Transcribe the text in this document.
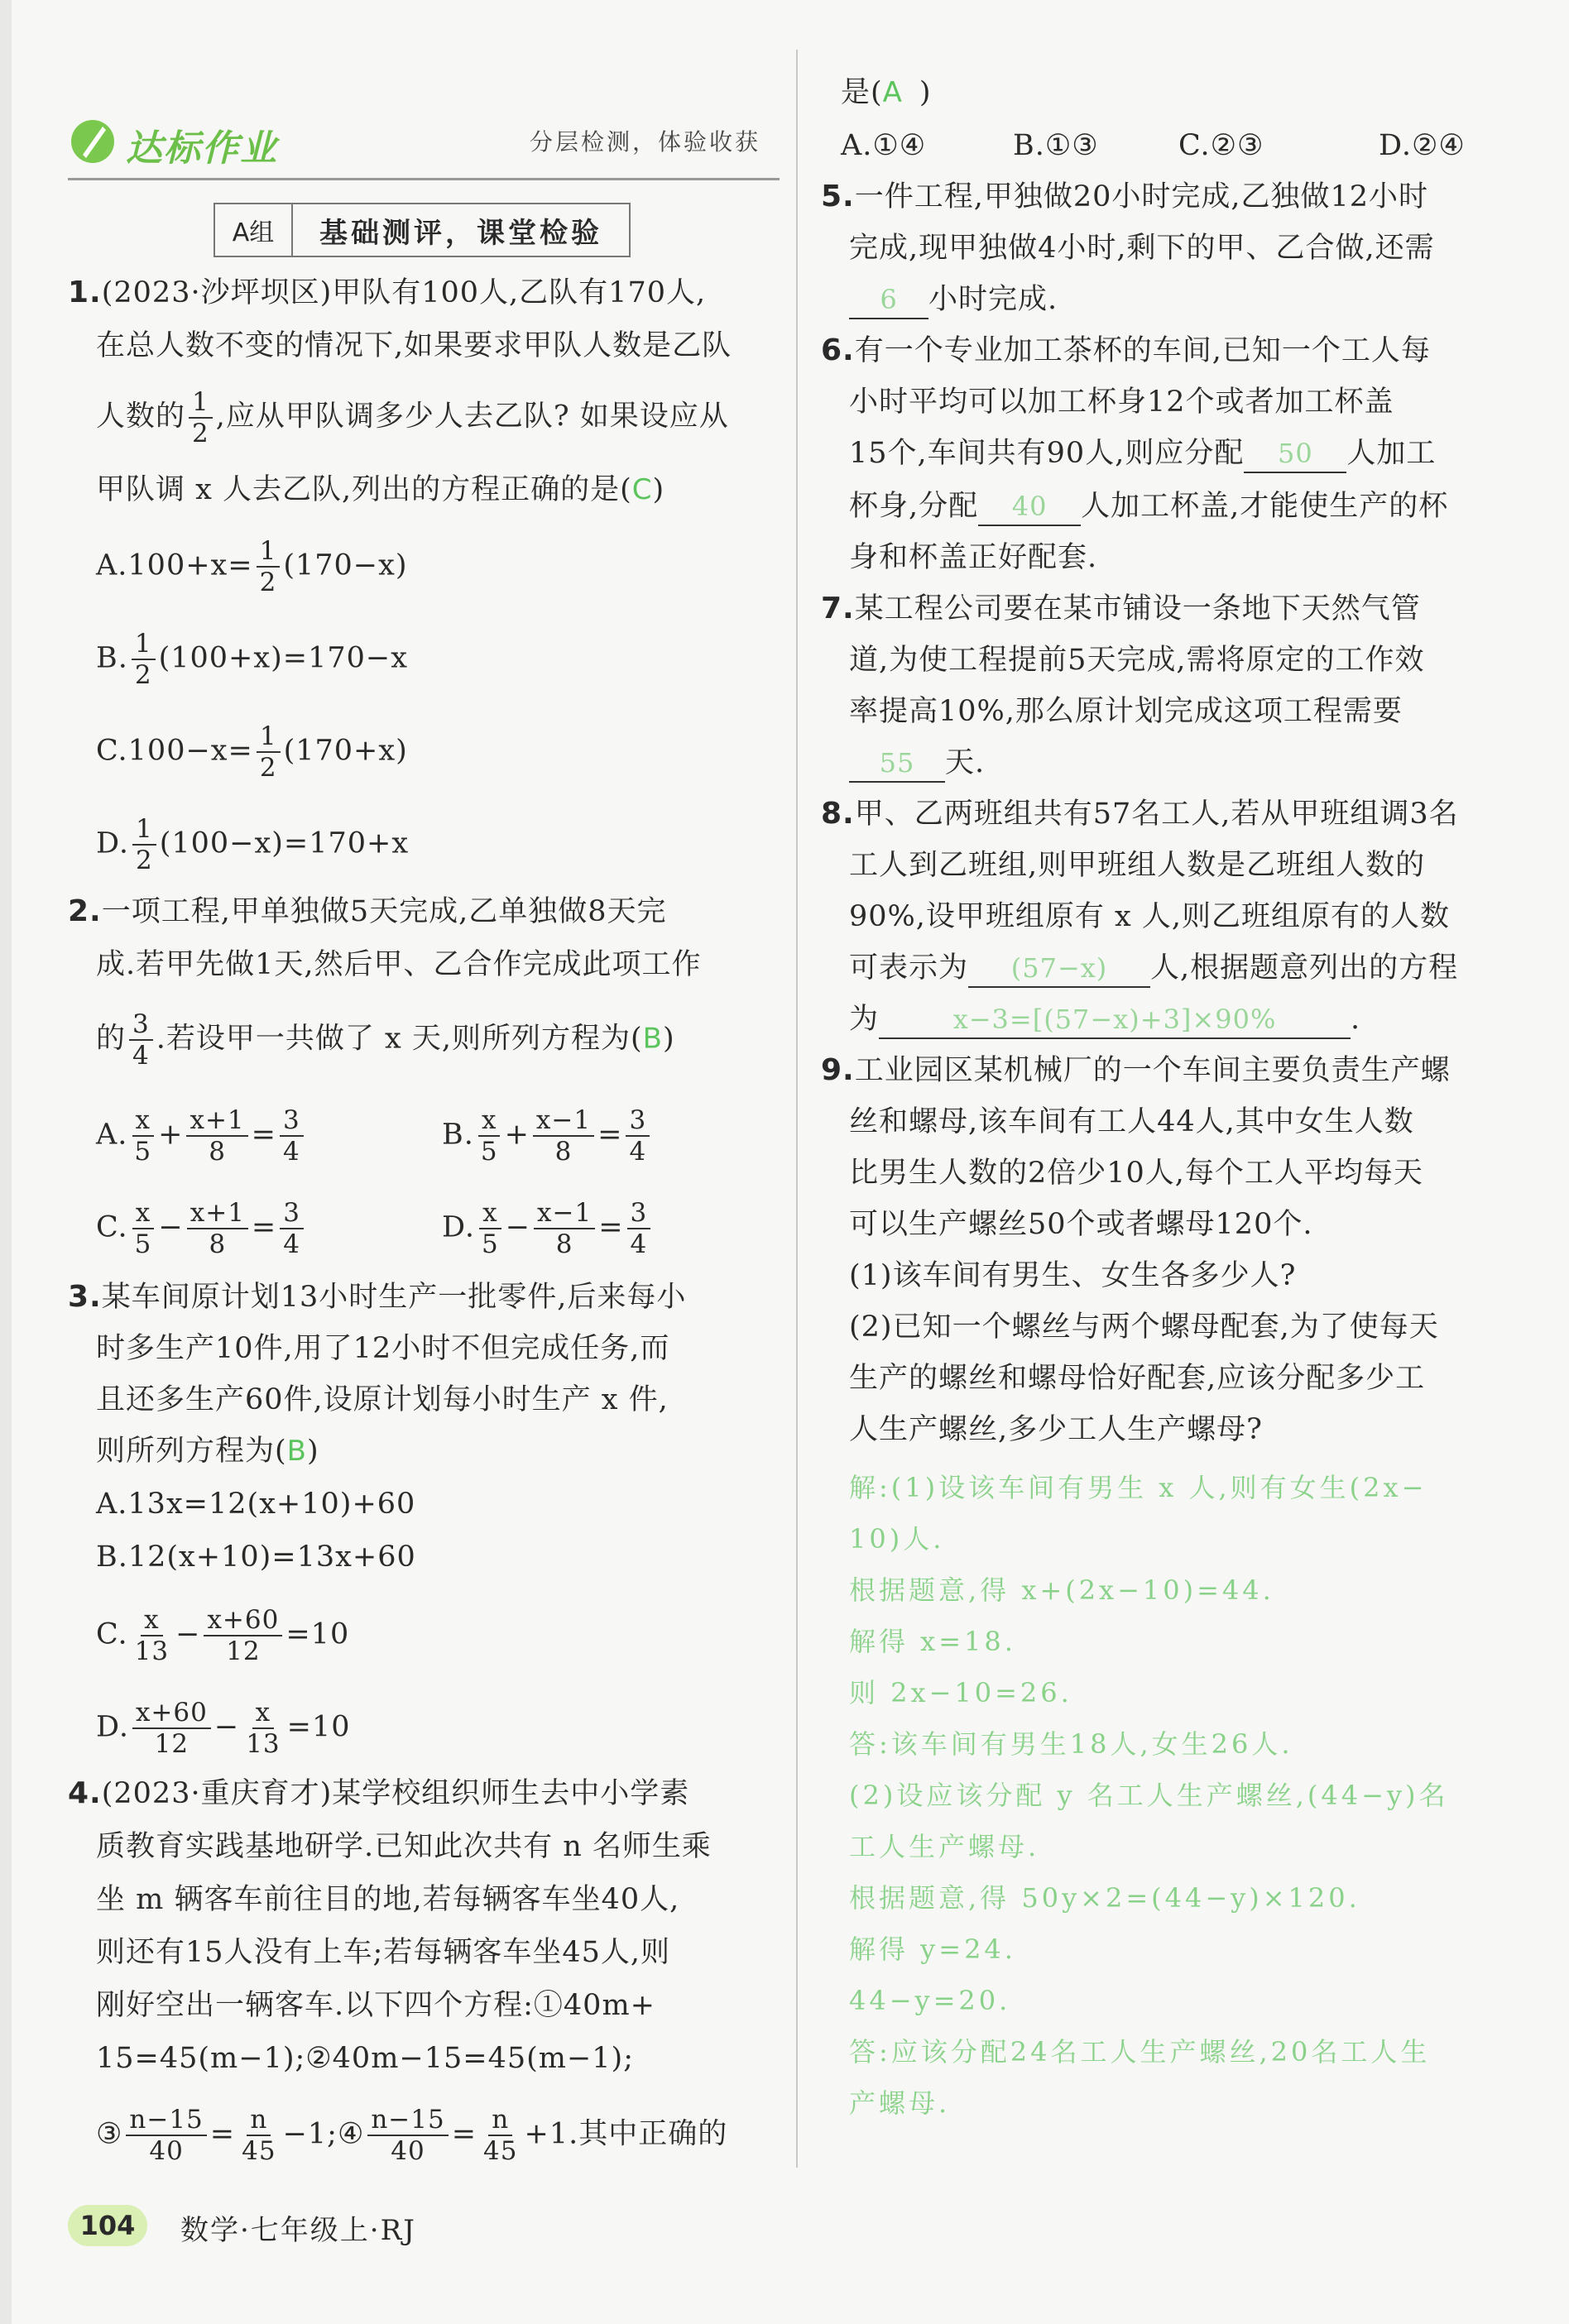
达标作业	分层检测，体验收获
A组	基础测评，课堂检验
1.(2023·沙坪坝区)甲队有100人,乙队有170人,
在总人数不变的情况下,如果要求甲队人数是乙队
人数的 $\frac{1}{2}$ ,应从甲队调多少人去乙队? 如果设应从
甲队调 x 人去乙队,列出的方程正确的是(C)
$A.100+x= \frac{1}{2} (170-x)$
B. $\frac{1}{2} (100+x)=170-x$
$C.100-x= \frac{1}{2} (170+x)$
D. $\frac{1}{2} (100-x)=170+x$
2.一项工程,甲单独做5天完成,乙单独做8天完
成.若甲先做1天,然后甲、乙合作完成此项工作
的 $\frac{3}{4}$ .若设甲一共做了 x 天,则所列方程为(B)
A. $\frac{x}{5} + \frac{x+1}{8} = \frac{3}{4}$	B. $\frac{x}{5} + \frac{x-1}{8} = \frac{3}{4}$
C. $\frac{x}{5} - \frac{x+1}{8} = \frac{3}{4}$	D. $\frac{x}{5} - \frac{x-1}{8} = \frac{3}{4}$
3.某车间原计划13小时生产一批零件,后来每小
时多生产10件,用了12小时不但完成任务,而
且还多生产60件,设原计划每小时生产 x 件,
则所列方程为(B)
A.13x=12(x+10)+60
B.12(x+10)=13x+60
C. $\frac{x}{13} - \frac{x+60}{12} =10$
D. $\frac{x+60}{12} - \frac{x}{13} =10$
4.(2023·重庆育才)某学校组织师生去中小学素
质教育实践基地研学.已知此次共有 n 名师生乘
坐 m 辆客车前往目的地,若每辆客车坐40人,
则还有15人没有上车;若每辆客车坐45人,则
刚好空出一辆客车.以下四个方程:①40m+
15=45(m−1);②40m−15=45(m−1);
③ $\frac{n-15}{40} = \frac{n}{45}$ −1;④ $\frac{n-15}{40} = \frac{n}{45} +1$.其中正确的
是(A )
A.①④	B.①③	C.②③	D.②④
5.一件工程,甲独做20小时完成,乙独做12小时
完成,现甲独做4小时,剩下的甲、乙合做,还需
6 小时完成.
6.有一个专业加工茶杯的车间,已知一个工人每
小时平均可以加工杯身12个或者加工杯盖
15个,车间共有90人,则应分配 50 人加工
杯身,分配 40 人加工杯盖,才能使生产的杯
身和杯盖正好配套.
7.某工程公司要在某市铺设一条地下天然气管
道,为使工程提前5天完成,需将原定的工作效
率提高10%,那么原计划完成这项工程需要
55 天.
8.甲、乙两班组共有57名工人,若从甲班组调3名
工人到乙班组,则甲班组人数是乙班组人数的
90%,设甲班组原有 x 人,则乙班组原有的人数
可表示为 (57−x) 人,根据题意列出的方程
为	x−3=[(57−x)+3]×90%	.
9.工业园区某机械厂的一个车间主要负责生产螺
丝和螺母,该车间有工人44人,其中女生人数
比男生人数的2倍少10人,每个工人平均每天
可以生产螺丝50个或者螺母120个.
(1)该车间有男生、女生各多少人?
(2)已知一个螺丝与两个螺母配套,为了使每天
生产的螺丝和螺母恰好配套,应该分配多少工
人生产螺丝,多少工人生产螺母?
解:(1)设该车间有男生 x 人,则有女生(2x−
10)人.
根据题意,得 x+(2x−10)=44.
解得 x=18.
则 2x−10=26.
答:该车间有男生18人,女生26人.
(2)设应该分配 y 名工人生产螺丝,(44−y)名
工人生产螺母.
根据题意,得 50y×2=(44−y)×120.
解得 y=24.
44−y=20.
答:应该分配24名工人生产螺丝,20名工人生
产螺母.
104	数学·七年级上·RJ
